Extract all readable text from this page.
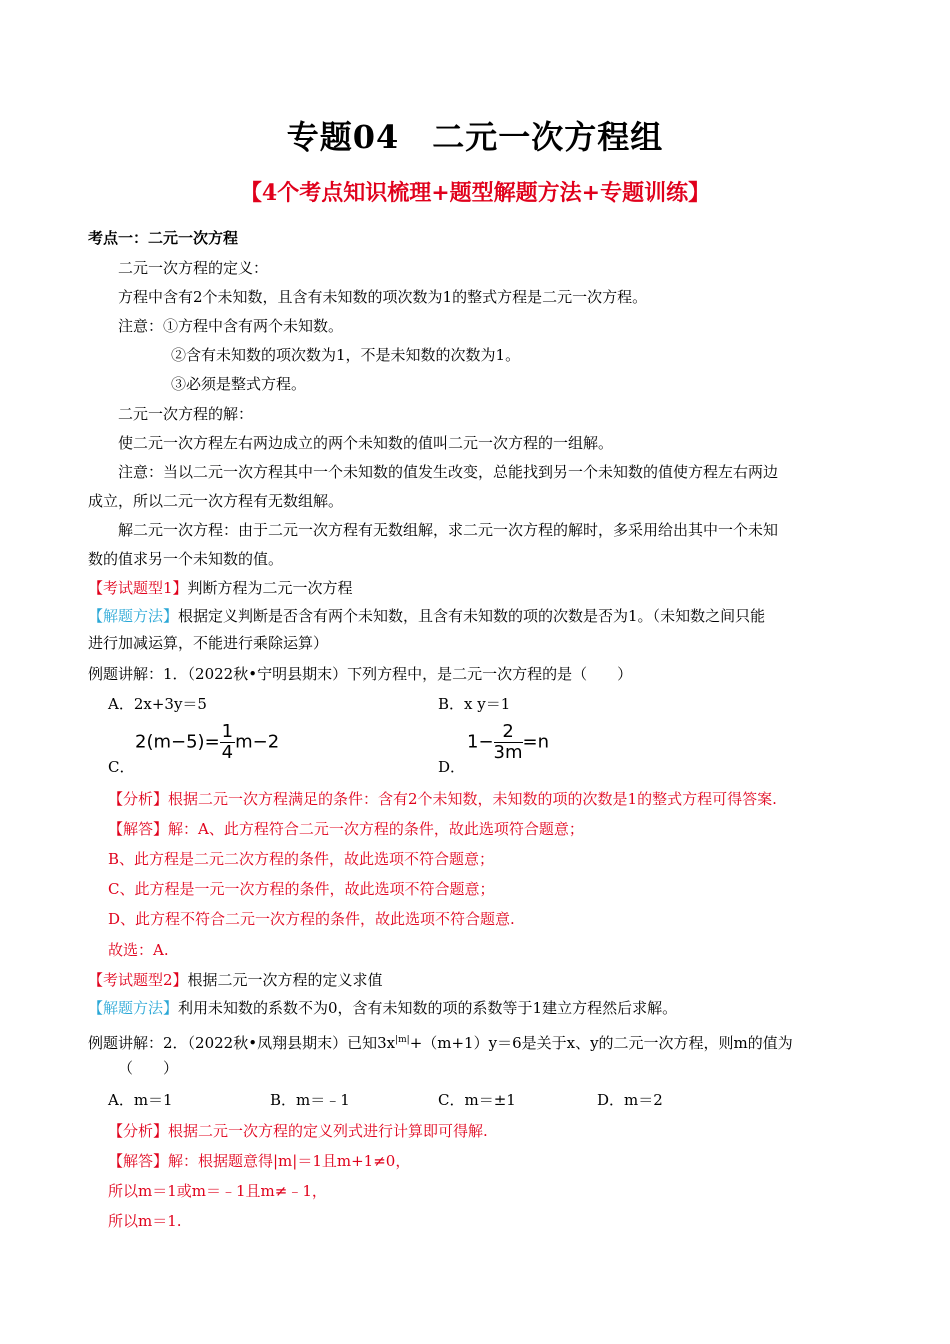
专题04　二元一次方程组
【4个考点知识梳理+题型解题方法+专题训练】
考点一：二元一次方程
二元一次方程的定义：
方程中含有2个未知数，且含有未知数的项次数为1的整式方程是二元一次方程。
注意：①方程中含有两个未知数。
②含有未知数的项次数为1，不是未知数的次数为1。
③必须是整式方程。
二元一次方程的解：
使二元一次方程左右两边成立的两个未知数的值叫二元一次方程的一组解。
注意：当以二元一次方程其中一个未知数的值发生改变，总能找到另一个未知数的值使方程左右两边
成立，所以二元一次方程有无数组解。
解二元一次方程：由于二元一次方程有无数组解，求二元一次方程的解时，多采用给出其中一个未知
数的值求另一个未知数的值。
【考试题型1】判断方程为二元一次方程
【解题方法】根据定义判断是否含有两个未知数，且含有未知数的项的次数是否为1。（未知数之间只能
进行加减运算，不能进行乘除运算）
例题讲解：1．（2022秋•宁明县期末）下列方程中，是二元一次方程的是（　　）
A．2x+3y＝5	B．x y＝1
$2(m-5)= \frac{1}{4} m-2$
C．
$1- \frac{2}{3m} =n$
D．
【分析】根据二元一次方程满足的条件：含有2个未知数，未知数的项的次数是1的整式方程可得答案.
【解答】解：A、此方程符合二元一次方程的条件，故此选项符合题意；
B、此方程是二元二次方程的条件，故此选项不符合题意；
C、此方程是一元一次方程的条件，故此选项不符合题意；
D、此方程不符合二元一次方程的条件，故此选项不符合题意.
故选：A.
【考试题型2】根据二元一次方程的定义求值
【解题方法】利用未知数的系数不为0，含有未知数的项的系数等于1建立方程然后求解。
例题讲解：2．（2022秋•凤翔县期末）已知$3x^{|m|}+(m+1)y=6$是关于x、y的二元一次方程，则m的值为
（　　）
A．m＝1	B．m＝﹣1	C．m＝±1	D．m＝2
【分析】根据二元一次方程的定义列式进行计算即可得解.
【解答】解：根据题意得|m|＝1且m+1≠0，
所以m＝1或m＝﹣1且m≠﹣1，
所以m＝1.
